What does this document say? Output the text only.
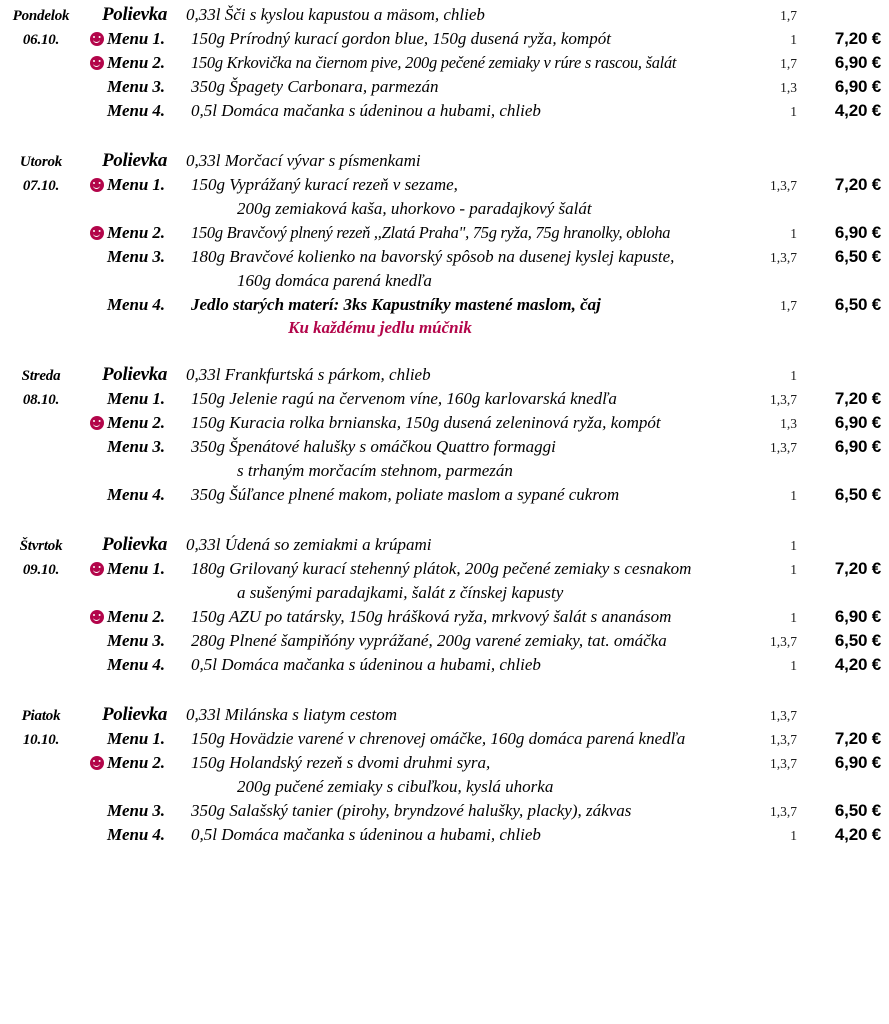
Pondelok	Polievka	0,33l Šči s kyslou kapustou a mäsom, chlieb	1,7
06.10.	Menu 1.	150g Prírodný kurací gordon blue, 150g dusená ryža, kompót	1	7,20 €
Menu 2.	150g Krkovička na čiernom pive, 200g pečené zemiaky v rúre s rascou, šalát	1,7	6,90 €
Menu 3.	350g Špagety Carbonara, parmezán	1,3	6,90 €
Menu 4.	0,5l Domáca mačanka s údeninou a hubami, chlieb	1	4,20 €
Utorok	Polievka	0,33l Morčací vývar s písmenkami
07.10.	Menu 1.	150g Vyprážaný kurací rezeň v sezame,	1,3,7	7,20 €
200g zemiaková kaša, uhorkovo - paradajkový šalát
Menu 2.	150g Bravčový plnený rezeň ,,Zlatá Praha", 75g ryža, 75g hranolky, obloha	1	6,90 €
Menu 3.	180g Bravčové kolienko na bavorský spôsob na dusenej kyslej kapuste,	1,3,7	6,50 €
160g domáca parená knedľa
Menu 4.	Jedlo starých materí: 3ks Kapustníky mastené maslom, čaj	1,7	6,50 €
Ku každému jedlu múčnik
Streda	Polievka	0,33l Frankfurtská s párkom, chlieb	1
08.10.	Menu 1.	150g Jelenie ragú na červenom víne, 160g karlovarská knedľa	1,3,7	7,20 €
Menu 2.	150g Kuracia rolka brnianska, 150g dusená zeleninová ryža, kompót	1,3	6,90 €
Menu 3.	350g Špenátové halušky s omáčkou Quattro formaggi	1,3,7	6,90 €
s trhaným morčacím stehnom, parmezán
Menu 4.	350g Šúľance plnené makom, poliate maslom a sypané cukrom	1	6,50 €
Štvrtok	Polievka	0,33l Údená so zemiakmi a krúpami	1
09.10.	Menu 1.	180g Grilovaný kurací stehenný plátok, 200g pečené zemiaky s cesnakom	1	7,20 €
a sušenými paradajkami, šalát z čínskej kapusty
Menu 2.	150g AZU po tatársky, 150g hrášková ryža, mrkvový šalát s ananásom	1	6,90 €
Menu 3.	280g Plnené šampiňóny vyprážané, 200g varené zemiaky, tat. omáčka	1,3,7	6,50 €
Menu 4.	0,5l Domáca mačanka s údeninou a hubami, chlieb	1	4,20 €
Piatok	Polievka	0,33l Milánska s liatym cestom	1,3,7
10.10.	Menu 1.	150g Hovädzie varené v chrenovej omáčke, 160g domáca parená knedľa	1,3,7	7,20 €
Menu 2.	150g Holandský rezeň s dvomi druhmi syra,	1,3,7	6,90 €
200g pučené zemiaky s cibuľkou, kyslá uhorka
Menu 3.	350g Salašský tanier (pirohy, bryndzové halušky, placky), zákvas	1,3,7	6,50 €
Menu 4.	0,5l Domáca mačanka s údeninou a hubami, chlieb	1	4,20 €
